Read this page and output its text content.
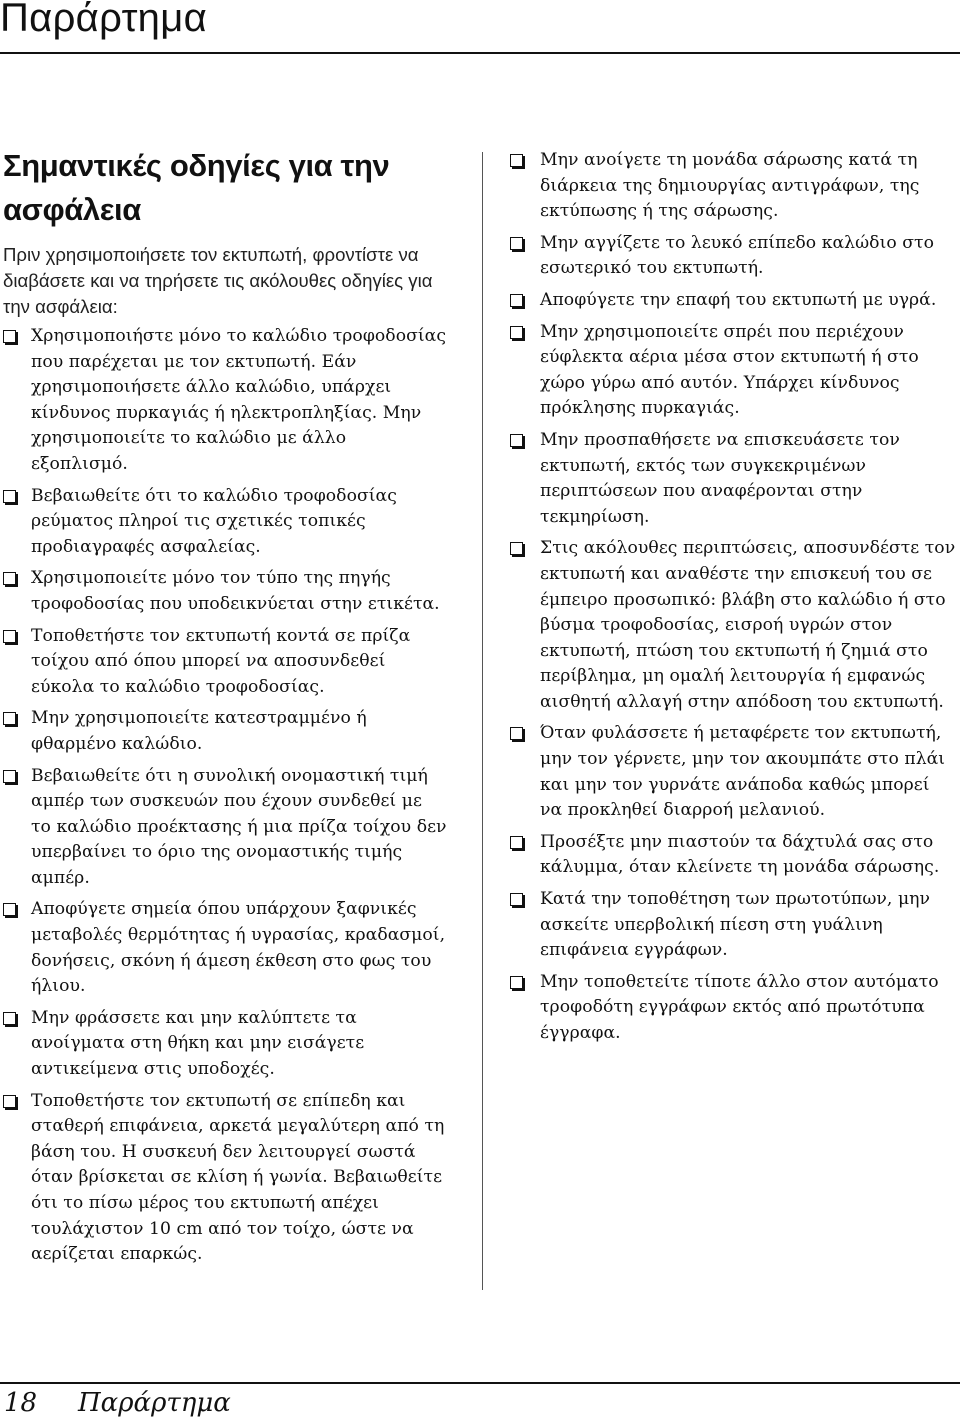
Παράρτημα
Σημαντικές οδηγίες για την ασφάλεια

Πριν χρησιμοποιήσετε τον εκτυπωτή, φροντίστε να διαβάσετε και να τηρήσετε τις ακόλουθες οδηγίες για την ασφάλεια:

Χρησιμοποιήστε μόνο το καλώδιο τροφοδοσίας που παρέχεται με τον εκτυπωτή. Εάν χρησιμοποιήσετε άλλο καλώδιο, υπάρχει κίνδυνος πυρκαγιάς ή ηλεκτροπληξίας. Μην χρησιμοποιείτε το καλώδιο με άλλο εξοπλισμό.
Βεβαιωθείτε ότι το καλώδιο τροφοδοσίας ρεύματος πληροί τις σχετικές τοπικές προδιαγραφές ασφαλείας.
Χρησιμοποιείτε μόνο τον τύπο της πηγής τροφοδοσίας που υποδεικνύεται στην ετικέτα.
Τοποθετήστε τον εκτυπωτή κοντά σε πρίζα τοίχου από όπου μπορεί να αποσυνδεθεί εύκολα το καλώδιο τροφοδοσίας.
Μην χρησιμοποιείτε κατεστραμμένο ή φθαρμένο καλώδιο.
Βεβαιωθείτε ότι η συνολική ονομαστική τιμή αμπέρ των συσκευών που έχουν συνδεθεί με το καλώδιο προέκτασης ή μια πρίζα τοίχου δεν υπερβαίνει το όριο της ονομαστικής τιμής αμπέρ.
Αποφύγετε σημεία όπου υπάρχουν ξαφνικές μεταβολές θερμότητας ή υγρασίας, κραδασμοί, δονήσεις, σκόνη ή άμεση έκθεση στο φως του ήλιου.
Μην φράσσετε και μην καλύπτετε τα ανοίγματα στη θήκη και μην εισάγετε αντικείμενα στις υποδοχές.
Τοποθετήστε τον εκτυπωτή σε επίπεδη και σταθερή επιφάνεια, αρκετά μεγαλύτερη από τη βάση του. Η συσκευή δεν λειτουργεί σωστά όταν βρίσκεται σε κλίση ή γωνία. Βεβαιωθείτε ότι το πίσω μέρος του εκτυπωτή απέχει τουλάχιστον 10 cm από τον τοίχο, ώστε να αερίζεται επαρκώς.
Μην ανοίγετε τη μονάδα σάρωσης κατά τη διάρκεια της δημιουργίας αντιγράφων, της εκτύπωσης ή της σάρωσης.
Μην αγγίζετε το λευκό επίπεδο καλώδιο στο εσωτερικό του εκτυπωτή.
Αποφύγετε την επαφή του εκτυπωτή με υγρά.
Μην χρησιμοποιείτε σπρέι που περιέχουν εύφλεκτα αέρια μέσα στον εκτυπωτή ή στο χώρο γύρω από αυτόν. Υπάρχει κίνδυνος πρόκλησης πυρκαγιάς.
Μην προσπαθήσετε να επισκευάσετε τον εκτυπωτή, εκτός των συγκεκριμένων περιπτώσεων που αναφέρονται στην τεκμηρίωση.
Στις ακόλουθες περιπτώσεις, αποσυνδέστε τον εκτυπωτή και αναθέστε την επισκευή του σε έμπειρο προσωπικό: βλάβη στο καλώδιο ή στο βύσμα τροφοδοσίας, εισροή υγρών στον εκτυπωτή, πτώση του εκτυπωτή ή ζημιά στο περίβλημα, μη ομαλή λειτουργία ή εμφανώς αισθητή αλλαγή στην απόδοση του εκτυπωτή.
Όταν φυλάσσετε ή μεταφέρετε τον εκτυπωτή, μην τον γέρνετε, μην τον ακουμπάτε στο πλάι και μην τον γυρνάτε ανάποδα καθώς μπορεί να προκληθεί διαρροή μελανιού.
Προσέξτε μην πιαστούν τα δάχτυλά σας στο κάλυμμα, όταν κλείνετε τη μονάδα σάρωσης.
Κατά την τοποθέτηση των πρωτοτύπων, μην ασκείτε υπερβολική πίεση στη γυάλινη επιφάνεια εγγράφων.
Μην τοποθετείτε τίποτε άλλο στον αυτόματο τροφοδότη εγγράφων εκτός από πρωτότυπα έγγραφα.
18 Παράρτημα
